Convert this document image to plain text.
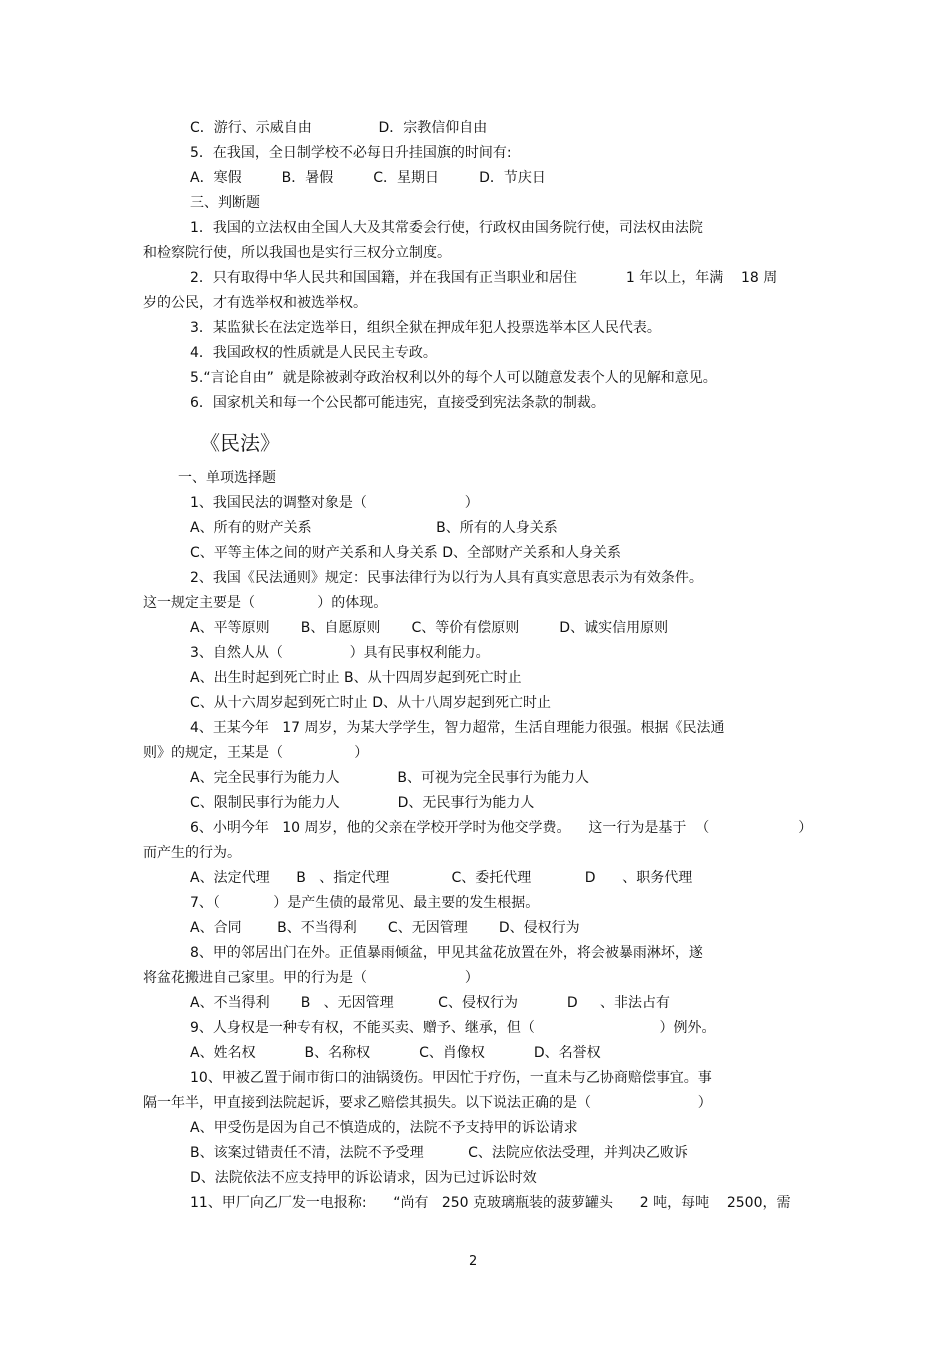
C．游行、示威自由               D．宗教信仰自由
5．在我国，全日制学校不必每日升挂国旗的时间有:
A．寒假         B．暑假         C．星期日         D．节庆日
三、判断题
1．我国的立法权由全国人大及其常委会行使，行政权由国务院行使，司法权由法院
和检察院行使，所以我国也是实行三权分立制度。
2．只有取得中华人民共和国国籍，并在我国有正当职业和居住           1 年以上，年满    18 周
岁的公民，才有选举权和被选举权。
3．某监狱长在法定选举日，组织全狱在押成年犯人投票选举本区人民代表。
4．我国政权的性质就是人民民主专政。
5.“言论自由”  就是除被剥夺政治权利以外的每个人可以随意发表个人的见解和意见。
6．国家机关和每一个公民都可能违宪，直接受到宪法条款的制裁。
《民法》
一、单项选择题
1、我国民法的调整对象是（                      ）
A、所有的财产关系                            B、所有的人身关系
C、平等主体之间的财产关系和人身关系 D、全部财产关系和人身关系
2、我国《民法通则》规定：民事法律行为以行为人具有真实意思表示为有效条件。
这一规定主要是（              ）的体现。
A、平等原则       B、自愿原则       C、等价有偿原则         D、诚实信用原则
3、自然人从（               ）具有民事权利能力。
A、出生时起到死亡时止 B、从十四周岁起到死亡时止
C、从十六周岁起到死亡时止 D、从十八周岁起到死亡时止
4、王某今年   17 周岁，为某大学学生，智力超常，生活自理能力很强。根据《民法通
则》的规定，王某是（                ）
A、完全民事行为能力人             B、可视为完全民事行为能力人
C、限制民事行为能力人             D、无民事行为能力人
6、小明今年   10 周岁，他的父亲在学校开学时为他交学费。    这一行为是基于  （                    ）
而产生的行为。
A、法定代理      B   、指定代理              C、委托代理            D      、职务代理
7、（            ）是产生债的最常见、最主要的发生根据。
A、合同        B、不当得利       C、无因管理       D、侵权行为
8、甲的邻居出门在外。正值暴雨倾盆，甲见其盆花放置在外，将会被暴雨淋坏，遂
将盆花搬进自己家里。甲的行为是（                      ）
A、不当得利       B   、无因管理          C、侵权行为           D     、非法占有
9、人身权是一种专有权，不能买卖、赠予、继承，但（                            ）例外。
A、姓名权           B、名称权           C、肖像权           D、名誉权
10、甲被乙置于闹市街口的油锅烫伤。甲因忙于疗伤，一直未与乙协商赔偿事宜。事
隔一年半，甲直接到法院起诉，要求乙赔偿其损失。以下说法正确的是（                        ）
A、甲受伤是因为自己不慎造成的，法院不予支持甲的诉讼请求
B、该案过错责任不清，法院不予受理          C、法院应依法受理，并判决乙败诉
D、法院依法不应支持甲的诉讼请求，因为已过诉讼时效
11、甲厂向乙厂发一电报称:      “尚有   250 克玻璃瓶装的菠萝罐头      2 吨，每吨    2500，需
2
